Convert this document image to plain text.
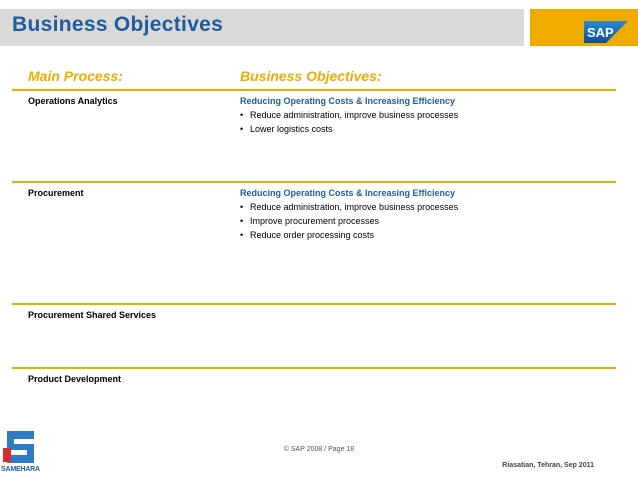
Business Objectives	SAP
Main Process:	Business Objectives:
Operations Analytics	Reducing Operating Costs & Increasing Efficiency
• Reduce administration, improve business processes
• Lower logistics costs
Procurement	Reducing Operating Costs & Increasing Efficiency
• Reduce administration, improve business processes
• Improve procurement processes
• Reduce order processing costs
Procurement Shared Services
Product Development
© SAP 2008 / Page 18
Riasatian, Tehran, Sep 2011
SAMEHARA
